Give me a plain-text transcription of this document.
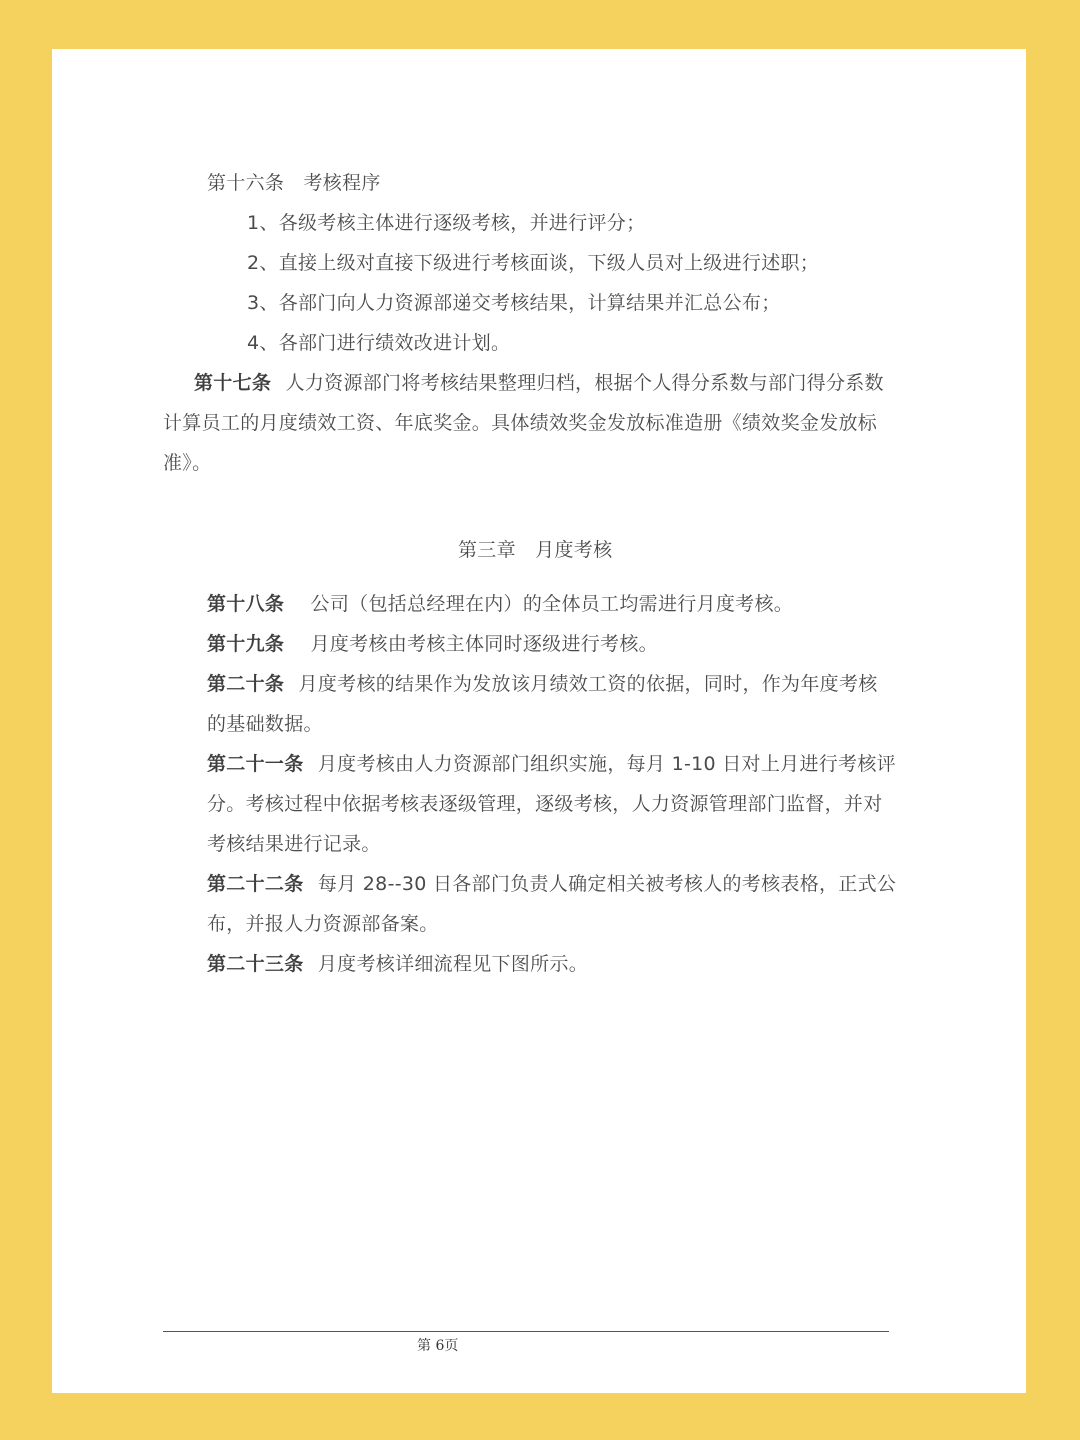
第十六条　考核程序
1、各级考核主体进行逐级考核，并进行评分；
2、直接上级对直接下级进行考核面谈，下级人员对上级进行述职；
3、各部门向人力资源部递交考核结果，计算结果并汇总公布；
4、各部门进行绩效改进计划。
第十七条 人力资源部门将考核结果整理归档，根据个人得分系数与部门得分系数
计算员工的月度绩效工资、年底奖金。具体绩效奖金发放标准造册《绩效奖金发放标
准》。
第三章　月度考核
第十八条 公司（包括总经理在内）的全体员工均需进行月度考核。
第十九条 月度考核由考核主体同时逐级进行考核。
第二十条 月度考核的结果作为发放该月绩效工资的依据，同时，作为年度考核
的基础数据。
第二十一条 月度考核由人力资源部门组织实施，每月 1-10 日对上月进行考核评
分。考核过程中依据考核表逐级管理，逐级考核，人力资源管理部门监督，并对
考核结果进行记录。
第二十二条 每月 28--30 日各部门负责人确定相关被考核人的考核表格，正式公
布，并报人力资源部备案。
第二十三条 月度考核详细流程见下图所示。
第 6页
